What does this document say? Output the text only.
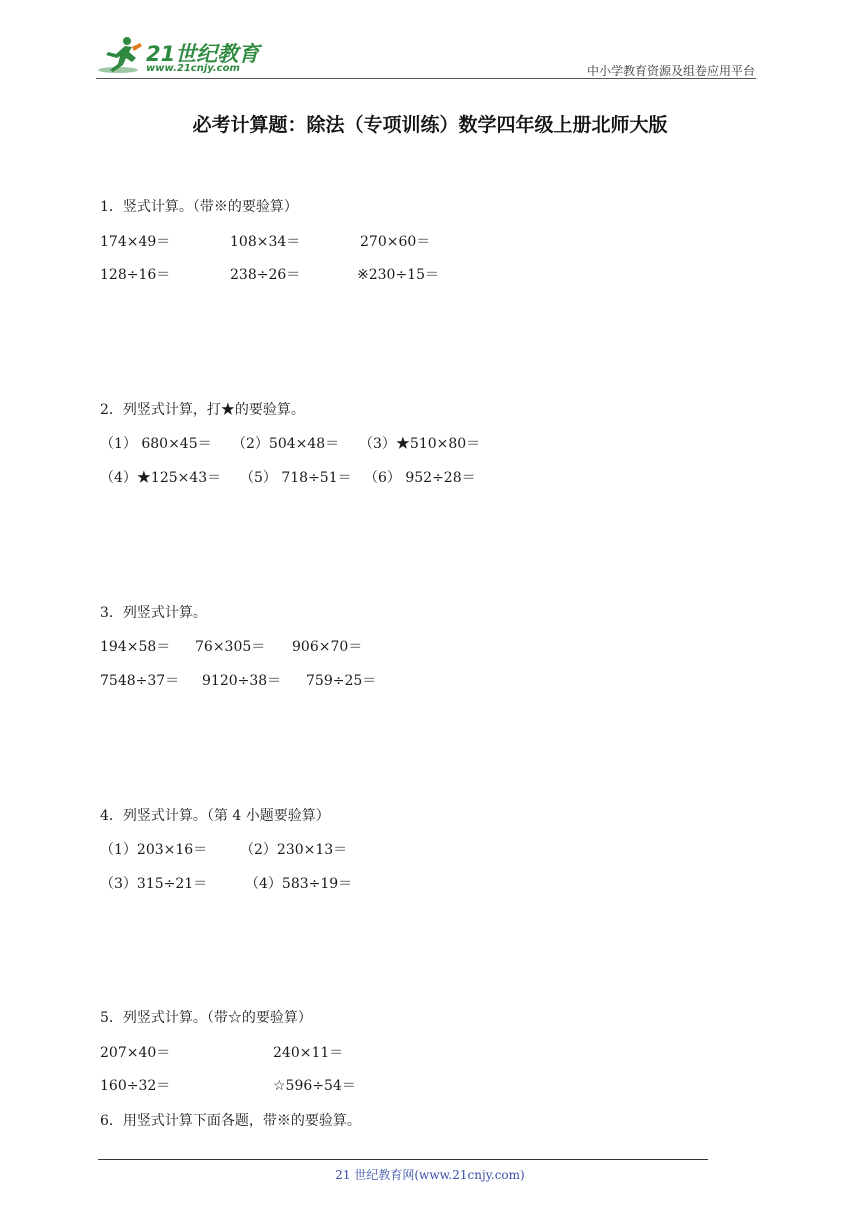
21世纪教育
www.21cnjy.com	中小学教育资源及组卷应用平台
必考计算题：除法（专项训练）数学四年级上册北师大版
1．竖式计算。（带※的要验算）
174×49＝	108×34＝	270×60＝
128÷16＝	238÷26＝	※230÷15＝
2．列竖式计算，打★的要验算。
（1） 680×45＝ （2）504×48＝ （3）★510×80＝
（4）★125×43＝ （5） 718÷51＝ （6） 952÷28＝
3．列竖式计算。
194×58＝ 76×305＝ 906×70＝
7548÷37＝ 9120÷38＝ 759÷25＝
4．列竖式计算。（第 4 小题要验算）
（1）203×16＝ （2）230×13＝
（3）315÷21＝	（4）583÷19＝
5．列竖式计算。（带☆的要验算）
207×40＝	240×11＝
160÷32＝	☆596÷54＝
6．用竖式计算下面各题，带※的要验算。
21 世纪教育网(www.21cnjy.com)
